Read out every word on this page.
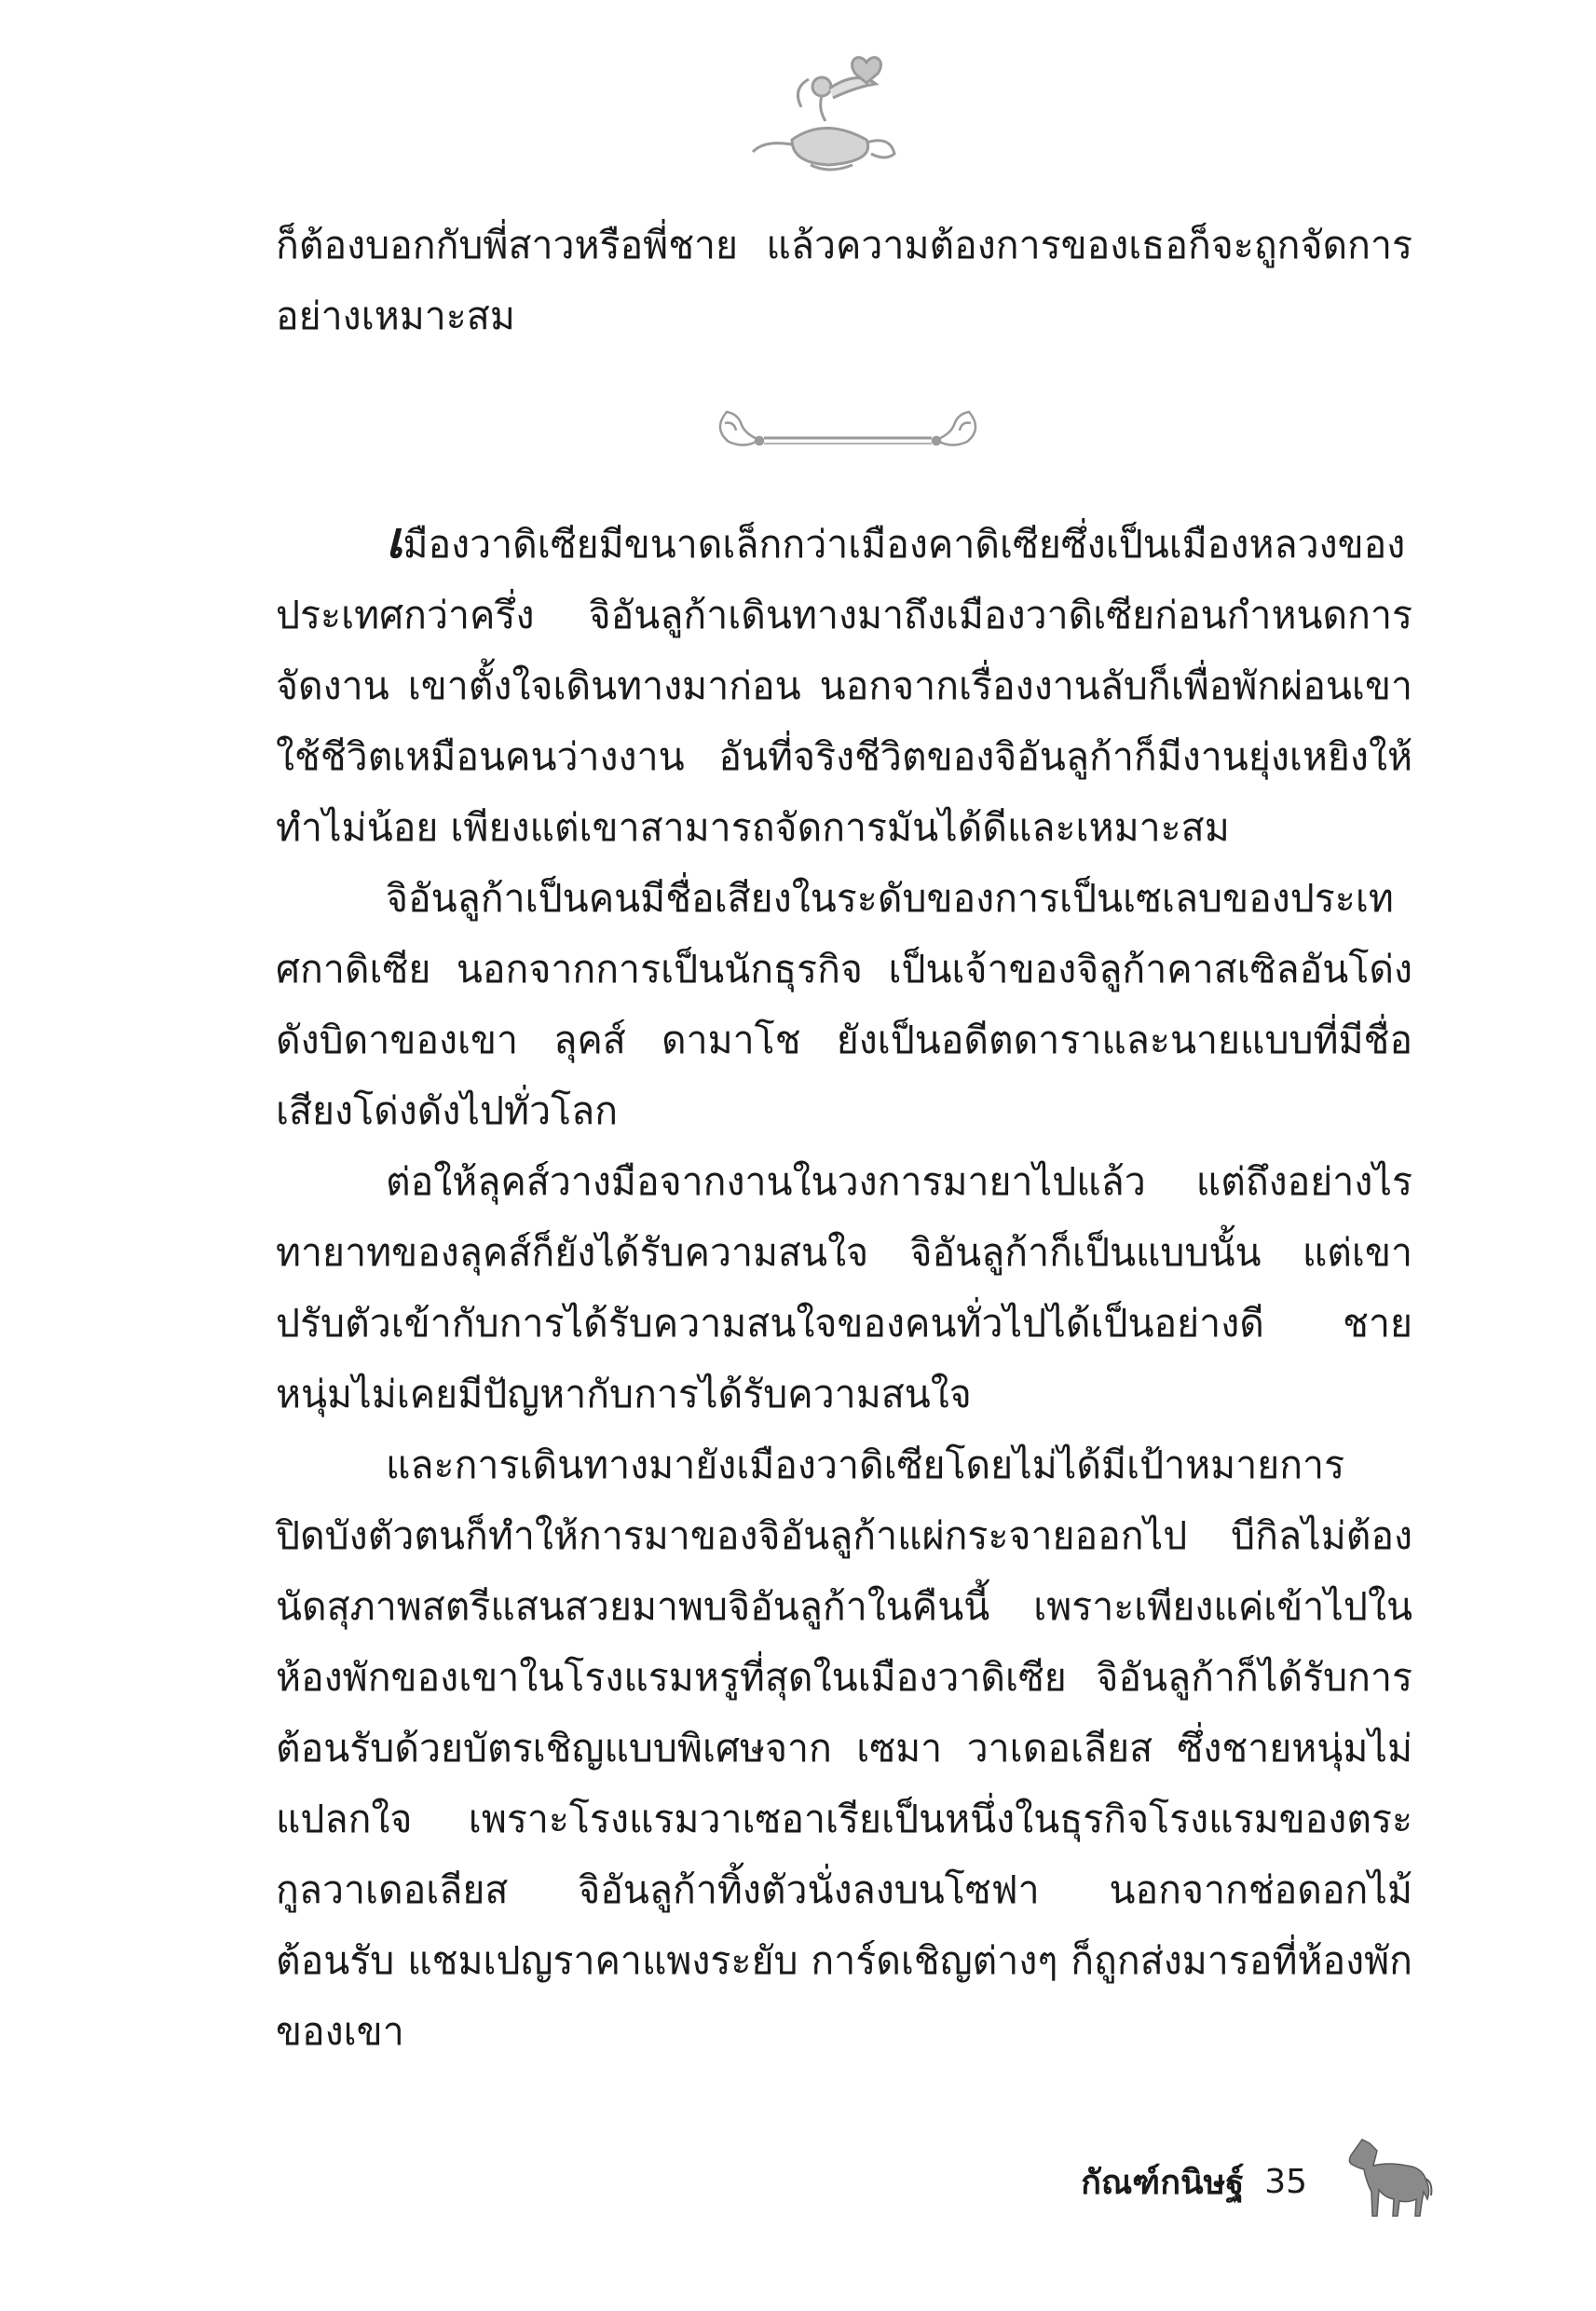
ก็ต้องบอกกับพี่สาวหรือพี่ชาย แล้วความต้องการของเธอก็จะถูกจัดการอย่างเหมาะสม

เมืองวาดิเซียมีขนาดเล็กกว่าเมืองคาดิเซียซึ่งเป็นเมืองหลวงของประเทศกว่าครึ่ง จิอันลูก้าเดินทางมาถึงเมืองวาดิเซียก่อนกำหนดการจัดงาน เขาตั้งใจเดินทางมาก่อน นอกจากเรื่องงานลับก็เพื่อพักผ่อนเขาใช้ชีวิตเหมือนคนว่างงาน อันที่จริงชีวิตของจิอันลูก้าก็มีงานยุ่งเหยิงให้ทำไม่น้อย เพียงแต่เขาสามารถจัดการมันได้ดีและเหมาะสม

จิอันลูก้าเป็นคนมีชื่อเสียงในระดับของการเป็นเซเลบของประเทศกาดิเซีย นอกจากการเป็นนักธุรกิจ เป็นเจ้าของจิลูก้าคาสเซิลอันโด่งดังบิดาของเขา ลุคส์ ดามาโช ยังเป็นอดีตดาราและนายแบบที่มีชื่อเสียงโด่งดังไปทั่วโลก

ต่อให้ลุคส์วางมือจากงานในวงการมายาไปแล้ว แต่ถึงอย่างไรทายาทของลุคส์ก็ยังได้รับความสนใจ จิอันลูก้าก็เป็นแบบนั้น แต่เขาปรับตัวเข้ากับการได้รับความสนใจของคนทั่วไปได้เป็นอย่างดี ชายหนุ่มไม่เคยมีปัญหากับการได้รับความสนใจ

และการเดินทางมายังเมืองวาดิเซียโดยไม่ได้มีเป้าหมายการปิดบังตัวตนก็ทำให้การมาของจิอันลูก้าแผ่กระจายออกไป บีกิลไม่ต้องนัดสุภาพสตรีแสนสวยมาพบจิอันลูก้าในคืนนี้ เพราะเพียงแค่เข้าไปในห้องพักของเขาในโรงแรมหรูที่สุดในเมืองวาดิเซีย จิอันลูก้าก็ได้รับการต้อนรับด้วยบัตรเชิญแบบพิเศษจาก เซมา วาเดอเลียส ซึ่งชายหนุ่มไม่แปลกใจ เพราะโรงแรมวาเซอาเรียเป็นหนึ่งในธุรกิจโรงแรมของตระกูลวาเดอเลียส จิอันลูก้าทิ้งตัวนั่งลงบนโซฟา นอกจากช่อดอกไม้ต้อนรับ แชมเปญราคาแพงระยับ การ์ดเชิญต่างๆ ก็ถูกส่งมารอที่ห้องพักของเขา

กัณฑ์กนิษฐ์ 35
